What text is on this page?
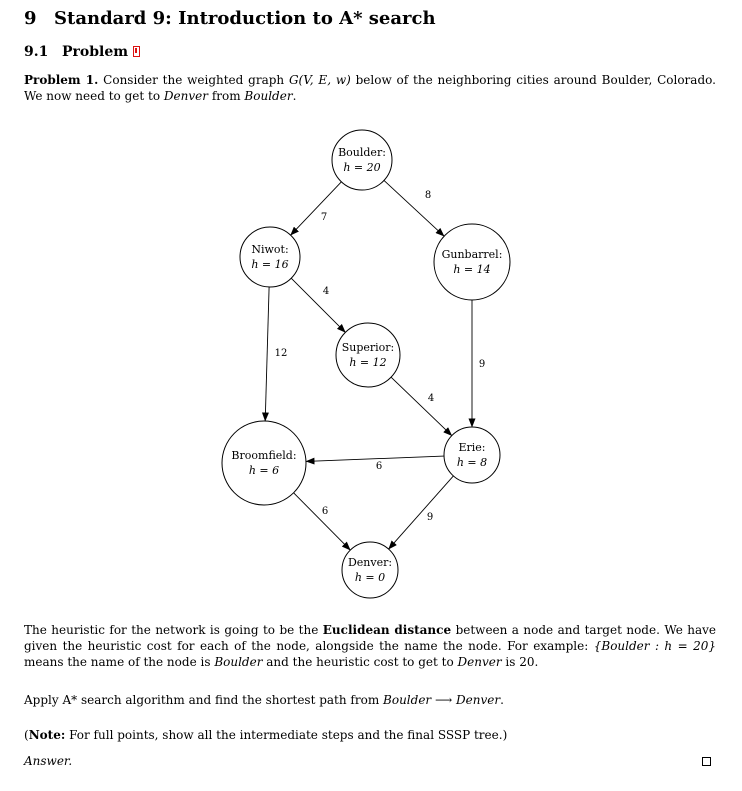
9 Standard 9: Introduction to A* search
9.1 Problem
Problem 1. Consider the weighted graph G(V, E, w) below of the neighboring cities around Boulder, Colorado. We now need to get to Denver from Boulder.
7
8
4
12
9
4
6
6
9
Boulder:
h = 20
Niwot:
h = 16
Gunbarrel:
h = 14
Superior:
h = 12
Erie:
h = 8
Broomfield:
h = 6
Denver:
h = 0
The heuristic for the network is going to be the Euclidean distance between a node and target node. We have given the heuristic cost for each of the node, alongside the name the node. For example: {Boulder : h = 20} means the name of the node is Boulder and the heuristic cost to get to Denver is 20.
Apply A* search algorithm and find the shortest path from Boulder ⟶ Denver.
(Note: For full points, show all the intermediate steps and the final SSSP tree.)
Answer.
